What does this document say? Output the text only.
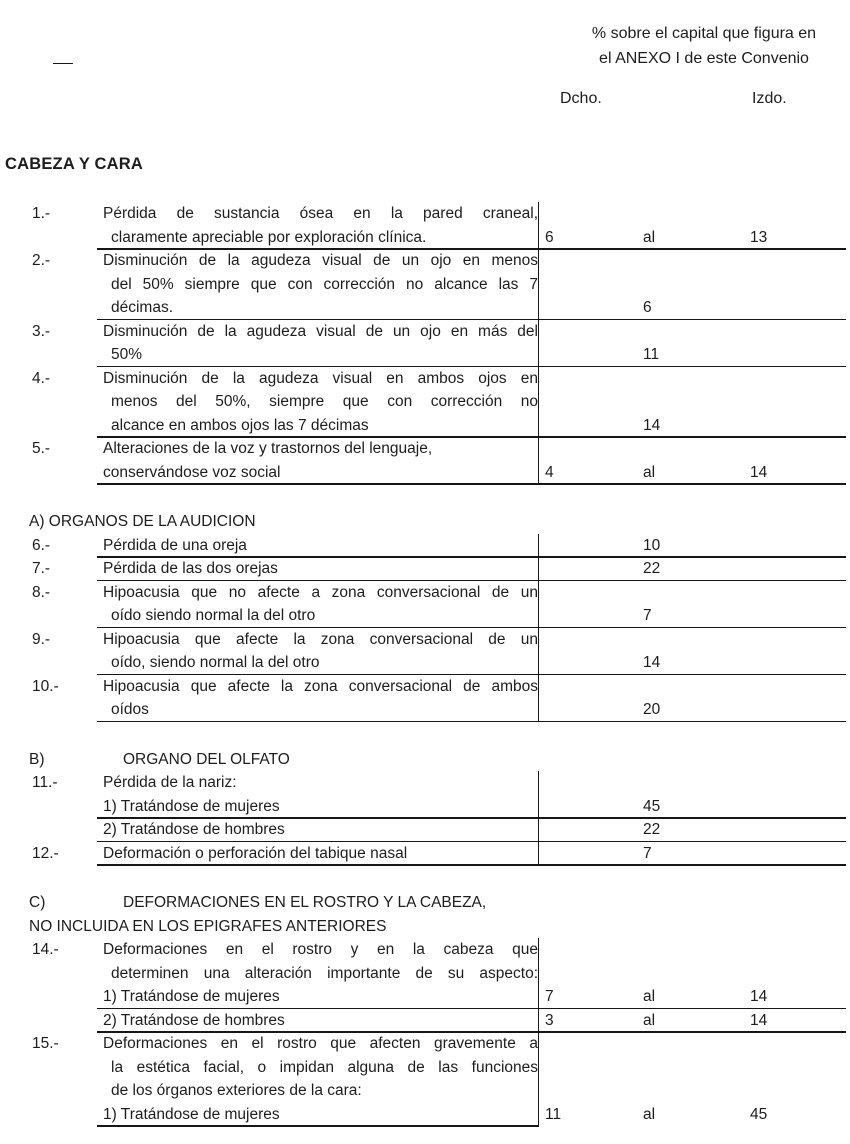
% sobre el capital que figura en
el ANEXO I de este Convenio
Dcho.	Izdo.
CABEZA Y CARA
1.-	Pérdida de sustancia ósea en la pared craneal,
claramente apreciable por exploración clínica.	6	al	13
2.-	Disminución de la agudeza visual de un ojo en menos
del 50% siempre que con corrección no alcance las 7
décimas.	6
3.-	Disminución de la agudeza visual de un ojo en más del
50%	11
4.-	Disminución de la agudeza visual en ambos ojos en
menos del 50%, siempre que con corrección no
alcance en ambos ojos las 7 décimas	14
5.-	Alteraciones de la voz y trastornos del lenguaje,
conservándose voz social	4	al	14
A) ORGANOS DE LA AUDICION
6.-	Pérdida de una oreja	10
7.-	Pérdida de las dos orejas	22
8.-	Hipoacusia que no afecte a zona conversacional de un
oído siendo normal la del otro	7
9.-	Hipoacusia que afecte la zona conversacional de un
oído, siendo normal la del otro	14
10.-	Hipoacusia que afecte la zona conversacional de ambos
oídos	20
B)	ORGANO DEL OLFATO
11.-	Pérdida de la nariz:
1) Tratándose de mujeres	45
2) Tratándose de hombres	22
12.-	Deformación o perforación del tabique nasal	7
C)	DEFORMACIONES EN EL ROSTRO Y LA CABEZA,
NO INCLUIDA EN LOS EPIGRAFES ANTERIORES
14.-	Deformaciones en el rostro y en la cabeza que
determinen una alteración importante de su aspecto:
1) Tratándose de mujeres	7	al	14
2) Tratándose de hombres	3	al	14
15.-	Deformaciones en el rostro que afecten gravemente a
la estética facial, o impidan alguna de las funciones
de los órganos exteriores de la cara:
1) Tratándose de mujeres	11	al	45
